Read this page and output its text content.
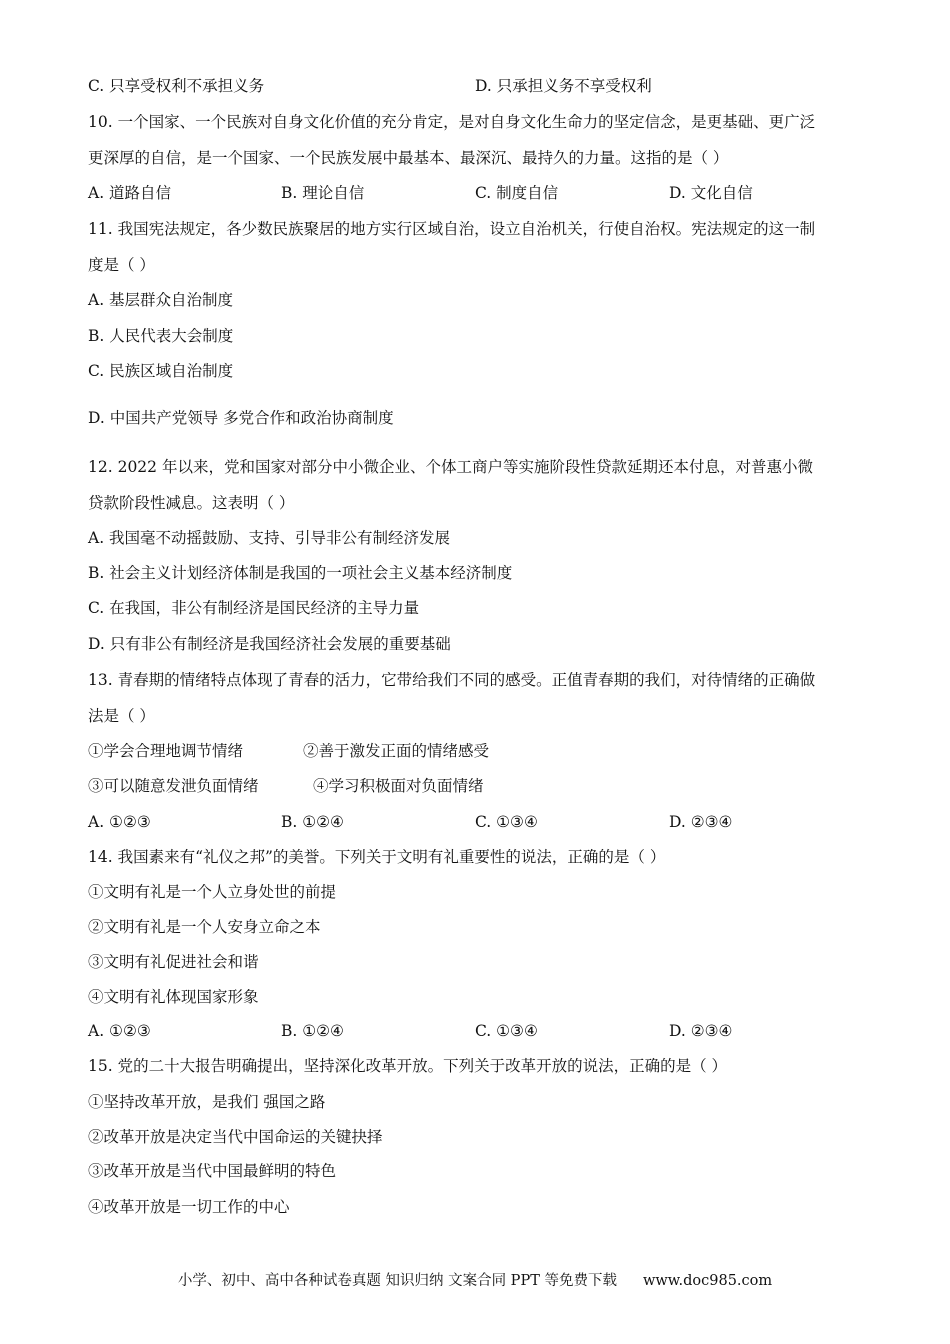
C. 只享受权利不承担义务	D. 只承担义务不享受权利
10. 一个国家、一个民族对自身文化价值的充分肯定，是对自身文化生命力的坚定信念，是更基础、更广泛
更深厚的自信，是一个国家、一个民族发展中最基本、最深沉、最持久的力量。这指的是（ ）
A. 道路自信	B. 理论自信	C. 制度自信	D. 文化自信
11. 我国宪法规定，各少数民族聚居的地方实行区域自治，设立自治机关，行使自治权。宪法规定的这一制
度是（ ）
A. 基层群众自治制度
B. 人民代表大会制度
C. 民族区域自治制度
D. 中国共产党领导 多党合作和政治协商制度
12. 2022 年以来，党和国家对部分中小微企业、个体工商户等实施阶段性贷款延期还本付息，对普惠小微
贷款阶段性减息。这表明（ ）
A. 我国毫不动摇鼓励、支持、引导非公有制经济发展
B. 社会主义计划经济体制是我国的一项社会主义基本经济制度
C. 在我国，非公有制经济是国民经济的主导力量
D. 只有非公有制经济是我国经济社会发展的重要基础
13. 青春期的情绪特点体现了青春的活力，它带给我们不同的感受。正值青春期的我们，对待情绪的正确做
法是（ ）
①学会合理地调节情绪	②善于激发正面的情绪感受
③可以随意发泄负面情绪	④学习积极面对负面情绪
A. ①②③	B. ①②④	C. ①③④	D. ②③④
14. 我国素来有“礼仪之邦”的美誉。下列关于文明有礼重要性的说法，正确的是（ ）
①文明有礼是一个人立身处世的前提
②文明有礼是一个人安身立命之本
③文明有礼促进社会和谐
④文明有礼体现国家形象
A. ①②③	B. ①②④	C. ①③④	D. ②③④
15. 党的二十大报告明确提出，坚持深化改革开放。下列关于改革开放的说法，正确的是（ ）
①坚持改革开放，是我们 强国之路
②改革开放是决定当代中国命运的关键抉择
③改革开放是当代中国最鲜明的特色
④改革开放是一切工作的中心
小学、初中、高中各种试卷真题 知识归纳 文案合同 PPT 等免费下载 www.doc985.com
